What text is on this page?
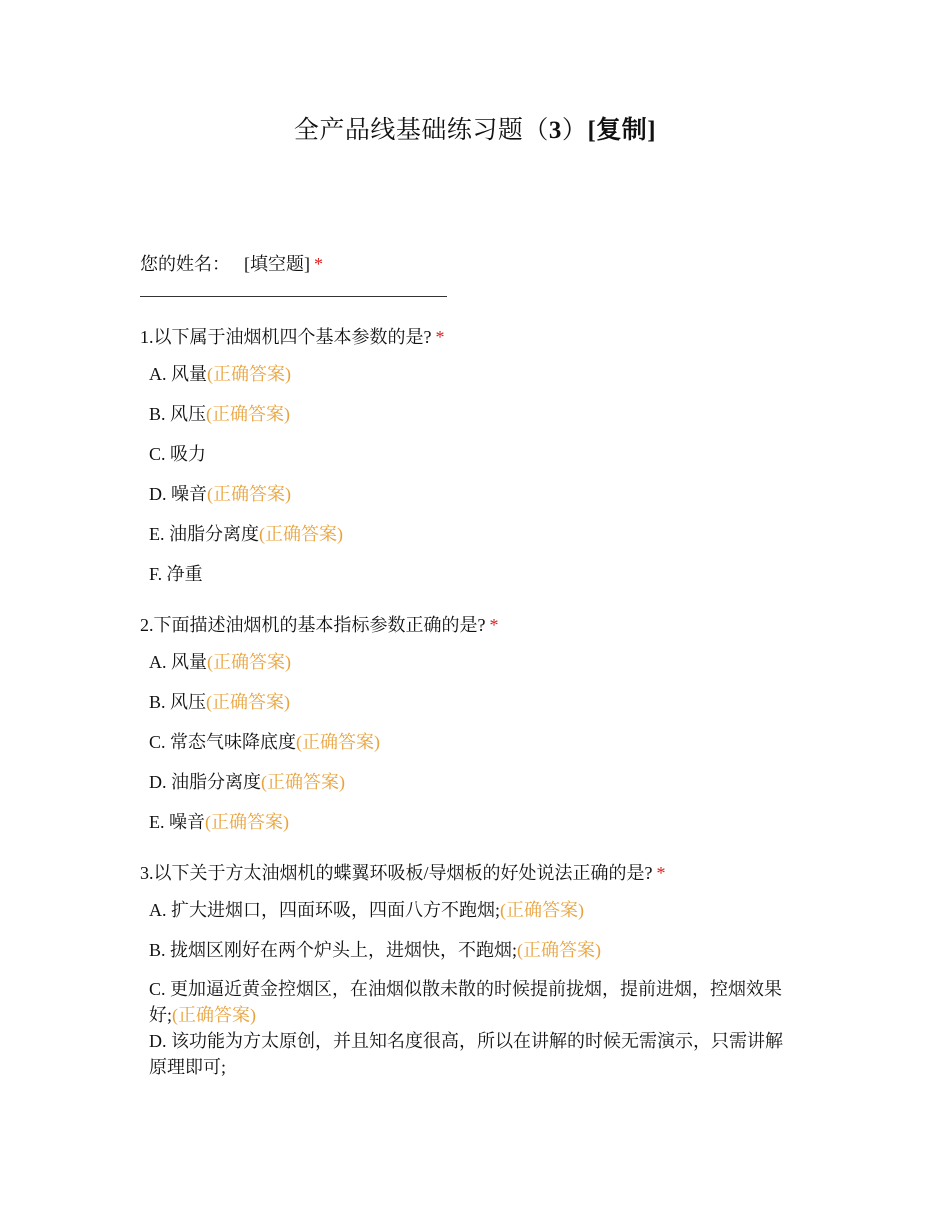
全产品线基础练习题（3）[复制]
您的姓名： [填空题] *
1.以下属于油烟机四个基本参数的是? *
A. 风量(正确答案)
B. 风压(正确答案)
C. 吸力
D. 噪音(正确答案)
E. 油脂分离度(正确答案)
F. 净重
2.下面描述油烟机的基本指标参数正确的是? *
A. 风量(正确答案)
B. 风压(正确答案)
C. 常态气味降底度(正确答案)
D. 油脂分离度(正确答案)
E. 噪音(正确答案)
3.以下关于方太油烟机的蝶翼环吸板/导烟板的好处说法正确的是? *
A. 扩大进烟口，四面环吸，四面八方不跑烟;(正确答案)
B. 拢烟区刚好在两个炉头上，进烟快，不跑烟;(正确答案)
C. 更加逼近黄金控烟区，在油烟似散未散的时候提前拢烟，提前进烟，控烟效果好;(正确答案)
D. 该功能为方太原创，并且知名度很高，所以在讲解的时候无需演示，只需讲解原理即可;
